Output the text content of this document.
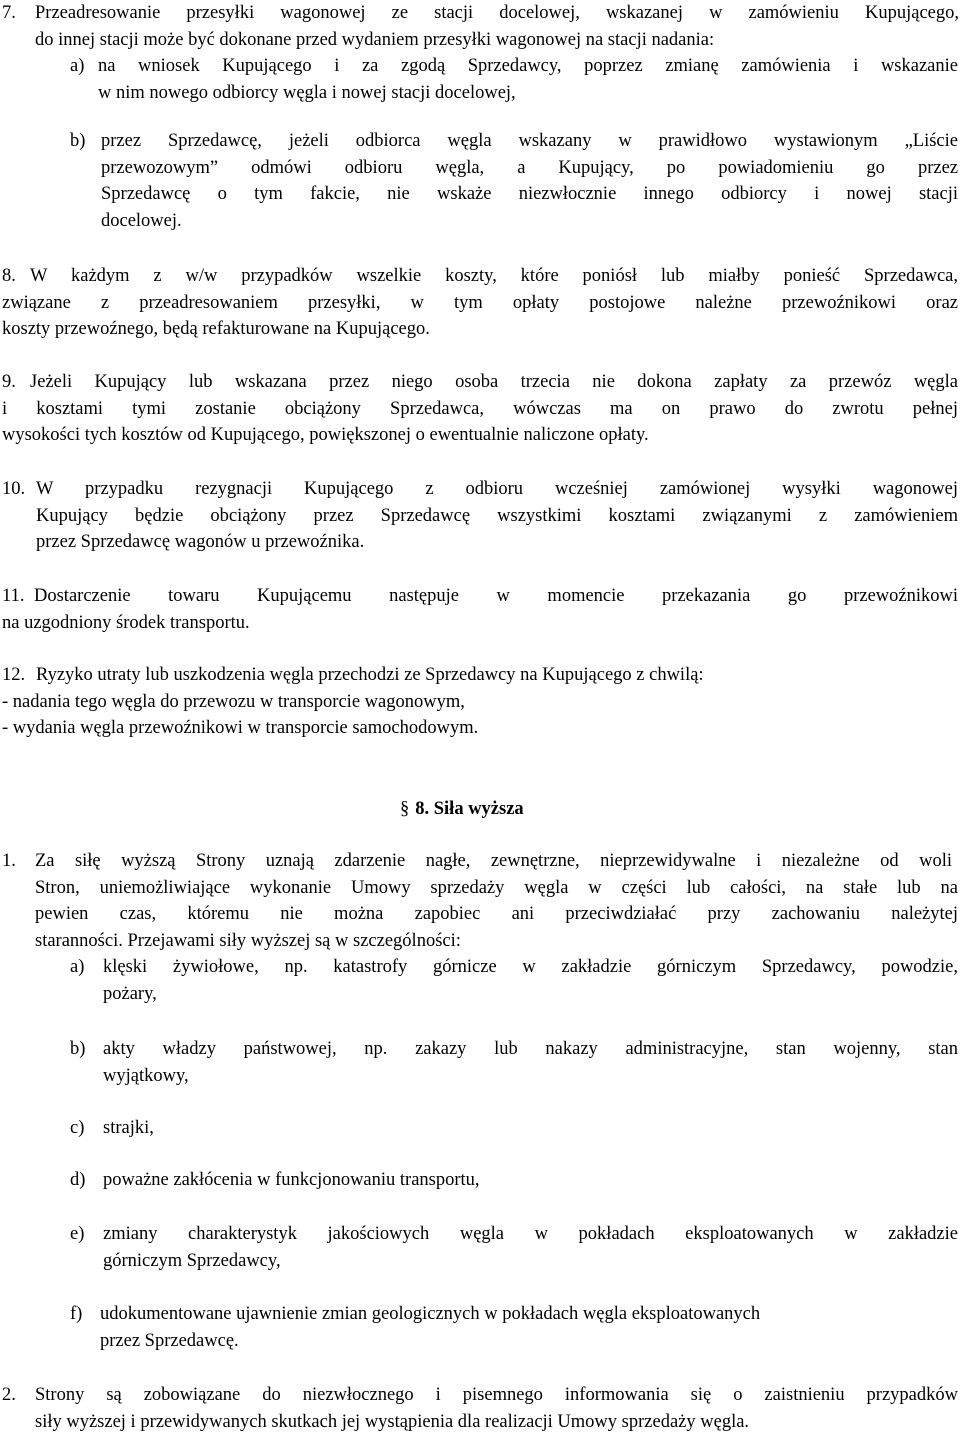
7. Przeadresowanie przesyłki wagonowej ze stacji docelowej, wskazanej w zamówieniu Kupującego,
do innej stacji może być dokonane przed wydaniem przesyłki wagonowej na stacji nadania:
a) na wniosek Kupującego i za zgodą Sprzedawcy, poprzez zmianę zamówienia i wskazanie
w nim nowego odbiorcy węgla i nowej stacji docelowej,
b) przez Sprzedawcę, jeżeli odbiorca węgla wskazany w prawidłowo wystawionym „Liście
przewozowym” odmówi odbioru węgla, a Kupujący, po powiadomieniu go przez
Sprzedawcę o tym fakcie, nie wskaże niezwłocznie innego odbiorcy i nowej stacji
docelowej.
8. W każdym z w/w przypadków wszelkie koszty, które poniósł lub miałby ponieść Sprzedawca,
związane z przeadresowaniem przesyłki, w tym opłaty postojowe należne przewoźnikowi oraz
koszty przewoźnego, będą refakturowane na Kupującego.
9. Jeżeli Kupujący lub wskazana przez niego osoba trzecia nie dokona zapłaty za przewóz węgla
i kosztami tymi zostanie obciążony Sprzedawca, wówczas ma on prawo do zwrotu pełnej
wysokości tych kosztów od Kupującego, powiększonej o ewentualnie naliczone opłaty.
10. W przypadku rezygnacji Kupującego z odbioru wcześniej zamówionej wysyłki wagonowej
Kupujący będzie obciążony przez Sprzedawcę wszystkimi kosztami związanymi z zamówieniem
przez Sprzedawcę wagonów u przewoźnika.
11. Dostarczenie towaru Kupującemu następuje w momencie przekazania go przewoźnikowi
na uzgodniony środek transportu.
12. Ryzyko utraty lub uszkodzenia węgla przechodzi ze Sprzedawcy na Kupującego z chwilą:
- nadania tego węgla do przewozu w transporcie wagonowym,
- wydania węgla przewoźnikowi w transporcie samochodowym.
§ 8. Siła wyższa
1. Za siłę wyższą Strony uznają zdarzenie nagłe, zewnętrzne, nieprzewidywalne i niezależne od woli
Stron, uniemożliwiające wykonanie Umowy sprzedaży węgla w części lub całości, na stałe lub na
pewien czas, któremu nie można zapobiec ani przeciwdziałać przy zachowaniu należytej
staranności. Przejawami siły wyższej są w szczególności:
a) klęski żywiołowe, np. katastrofy górnicze w zakładzie górniczym Sprzedawcy, powodzie,
pożary,
b) akty władzy państwowej, np. zakazy lub nakazy administracyjne, stan wojenny, stan
wyjątkowy,
c) strajki,
d) poważne zakłócenia w funkcjonowaniu transportu,
e) zmiany charakterystyk jakościowych węgla w pokładach eksploatowanych w zakładzie
górniczym Sprzedawcy,
f) udokumentowane ujawnienie zmian geologicznych w pokładach węgla eksploatowanych
przez Sprzedawcę.
2. Strony są zobowiązane do niezwłocznego i pisemnego informowania się o zaistnieniu przypadków
siły wyższej i przewidywanych skutkach jej wystąpienia dla realizacji Umowy sprzedaży węgla.
